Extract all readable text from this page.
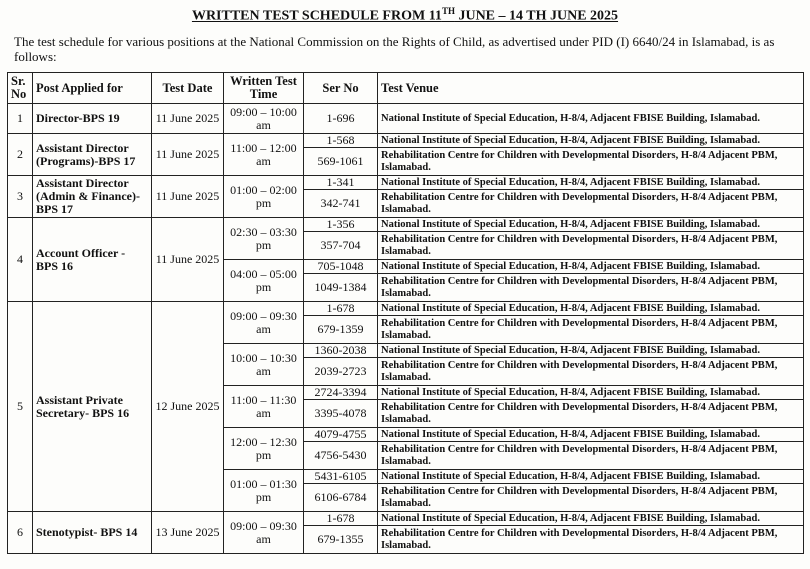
WRITTEN TEST SCHEDULE FROM 11TH JUNE – 14 TH JUNE 2025
The test schedule for various positions at the National Commission on the Rights of Child, as advertised under PID (I) 6640/24 in Islamabad, is as follows:
Sr. No	Post Applied for	Test Date	Written Test Time	Ser No	Test Venue
1	Director-BPS 19	11 June 2025	09:00 – 10:00 am	1-696	National Institute of Special Education, H-8/4, Adjacent FBISE Building, Islamabad.
2	Assistant Director (Programs)-BPS 17	11 June 2025	11:00 – 12:00 am	1-568	National Institute of Special Education, H-8/4, Adjacent FBISE Building, Islamabad.
				569-1061	Rehabilitation Centre for Children with Developmental Disorders, H-8/4 Adjacent PBM, Islamabad.
3	Assistant Director (Admin & Finance)-BPS 17	11 June 2025	01:00 – 02:00 pm	1-341	National Institute of Special Education, H-8/4, Adjacent FBISE Building, Islamabad.
				342-741	Rehabilitation Centre for Children with Developmental Disorders, H-8/4 Adjacent PBM, Islamabad.
4	Account Officer - BPS 16	11 June 2025	02:30 – 03:30 pm	1-356	National Institute of Special Education, H-8/4, Adjacent FBISE Building, Islamabad.
				357-704	Rehabilitation Centre for Children with Developmental Disorders, H-8/4 Adjacent PBM, Islamabad.
			04:00 – 05:00 pm	705-1048	National Institute of Special Education, H-8/4, Adjacent FBISE Building, Islamabad.
				1049-1384	Rehabilitation Centre for Children with Developmental Disorders, H-8/4 Adjacent PBM, Islamabad.
5	Assistant Private Secretary- BPS 16	12 June 2025	09:00 – 09:30 am	1-678	National Institute of Special Education, H-8/4, Adjacent FBISE Building, Islamabad.
				679-1359	Rehabilitation Centre for Children with Developmental Disorders, H-8/4 Adjacent PBM, Islamabad.
			10:00 – 10:30 am	1360-2038	National Institute of Special Education, H-8/4, Adjacent FBISE Building, Islamabad.
				2039-2723	Rehabilitation Centre for Children with Developmental Disorders, H-8/4 Adjacent PBM, Islamabad.
			11:00 – 11:30 am	2724-3394	National Institute of Special Education, H-8/4, Adjacent FBISE Building, Islamabad.
				3395-4078	Rehabilitation Centre for Children with Developmental Disorders, H-8/4 Adjacent PBM, Islamabad.
			12:00 – 12:30 pm	4079-4755	National Institute of Special Education, H-8/4, Adjacent FBISE Building, Islamabad.
				4756-5430	Rehabilitation Centre for Children with Developmental Disorders, H-8/4 Adjacent PBM, Islamabad.
			01:00 – 01:30 pm	5431-6105	National Institute of Special Education, H-8/4, Adjacent FBISE Building, Islamabad.
				6106-6784	Rehabilitation Centre for Children with Developmental Disorders, H-8/4 Adjacent PBM, Islamabad.
6	Stenotypist- BPS 14	13 June 2025	09:00 – 09:30 am	1-678	National Institute of Special Education, H-8/4, Adjacent FBISE Building, Islamabad.
				679-1355	Rehabilitation Centre for Children with Developmental Disorders, H-8/4 Adjacent PBM, Islamabad.
